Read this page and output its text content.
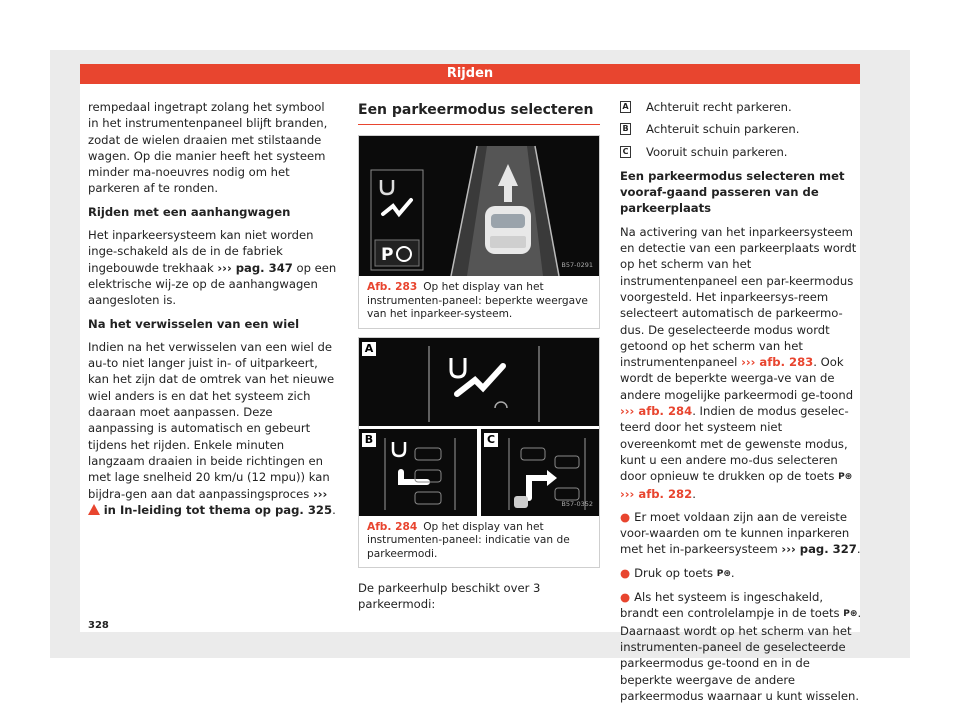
Rijden

rempedaal ingetrapt zolang het symbool in het instrumentenpaneel blijft branden, zodat de wielen draaien met stilstaande wagen. Op die manier heeft het systeem minder ma-noeuvres nodig om het parkeren af te ronden.

Rijden met een aanhangwagen

Het inparkeersysteem kan niet worden inge-schakeld als de in de fabriek ingebouwde trekhaak ››› pag. 347 op een elektrische wij-ze op de aanhangwagen aangesloten is.

Na het verwisselen van een wiel

Indien na het verwisselen van een wiel de au-to niet langer juist in- of uitparkeert, kan het zijn dat de omtrek van het nieuwe wiel anders is en dat het systeem zich daaraan moet aanpassen. Deze aanpassing is automatisch en gebeurt tijdens het rijden. Enkele minuten langzaam draaien in beide richtingen en met lage snelheid 20 km/u (12 mpu)) kan bijdra-gen aan dat aanpassingsproces ›››  in In-leiding tot thema op pag. 325.

Een parkeermodus selecteren
P	B57-0291
Afb. 283 Op het display van het instrumenten-paneel: beperkte weergave van het inparkeer-systeem.
A
B	C
B57-0352
Afb. 284 Op het display van het instrumenten-paneel: indicatie van de parkeermodi.

De parkeerhulp beschikt over 3 parkeermodi:

A Achteruit recht parkeren.
B Achteruit schuin parkeren.
C Vooruit schuin parkeren.

Een parkeermodus selecteren met vooraf-gaand passeren van de parkeerplaats

Na activering van het inparkeersysteem en detectie van een parkeerplaats wordt op het scherm van het instrumentenpaneel een par-keermodus voorgesteld. Het inparkeersys-reem selecteert automatisch de parkeermo-dus. De geselecteerde modus wordt getoond op het scherm van het instrumentenpaneel ››› afb. 283. Ook wordt de beperkte weerga-ve van de andere mogelijke parkeermodi ge-toond ››› afb. 284. Indien de modus geselec-teerd door het systeem niet overeenkomt met de gewenste modus, kunt u een andere mo-dus selecteren door opnieuw te drukken op de toets P⊛ ››› afb. 282.

● Er moet voldaan zijn aan de vereiste voor-waarden om te kunnen inparkeren met het in-parkeersysteem ››› pag. 327.

● Druk op toets P⊛.

● Als het systeem is ingeschakeld, brandt een controlelampje in de toets P⊛. Daarnaast wordt op het scherm van het instrumenten-paneel de geselecteerde parkeermodus ge-toond en in de beperkte weergave de andere parkeermodus waarnaar u kunt wisselen.

328
